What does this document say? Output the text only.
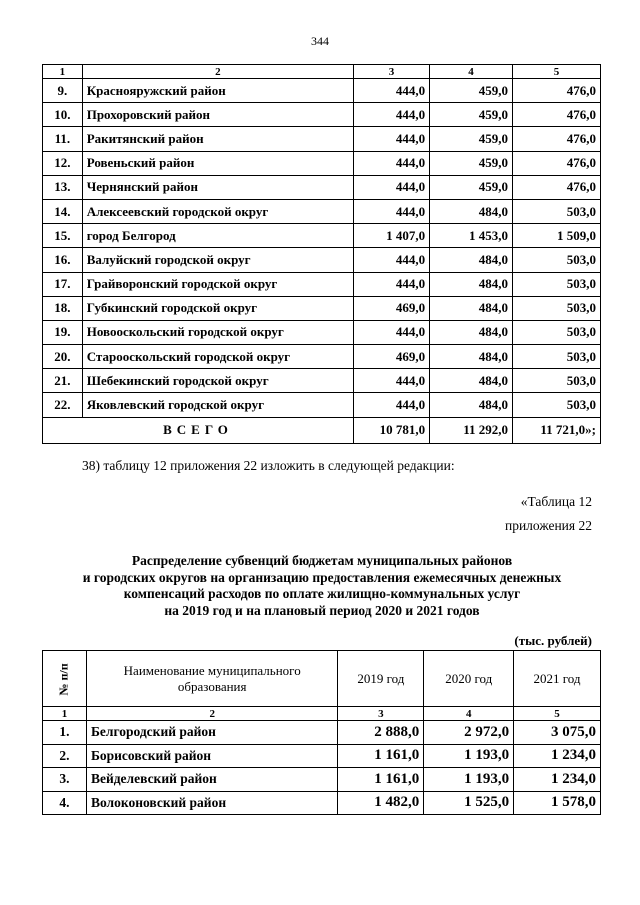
344
1	2	3	4	5
9.	Краснояружский район	444,0	459,0	476,0
10.	Прохоровский район	444,0	459,0	476,0
11.	Ракитянский район	444,0	459,0	476,0
12.	Ровеньский район	444,0	459,0	476,0
13.	Чернянский район	444,0	459,0	476,0
14.	Алексеевский городской округ	444,0	484,0	503,0
15.	город Белгород	1 407,0	1 453,0	1 509,0
16.	Валуйский городской округ	444,0	484,0	503,0
17.	Грайворонский городской округ	444,0	484,0	503,0
18.	Губкинский городской округ	469,0	484,0	503,0
19.	Новооскольский городской округ	444,0	484,0	503,0
20.	Старооскольский городской округ	469,0	484,0	503,0
21.	Шебекинский городской округ	444,0	484,0	503,0
22.	Яковлевский городской округ	444,0	484,0	503,0
ВСЕГО		10 781,0	11 292,0	11 721,0»;
38) таблицу 12 приложения 22 изложить в следующей редакции:
«Таблица 12
приложения 22
Распределение субвенций бюджетам муниципальных районов
и городских округов на организацию предоставления ежемесячных денежных
компенсаций расходов по оплате жилищно-коммунальных услуг
на 2019 год и на плановый период 2020 и 2021 годов
(тыс. рублей)
№ п/п	Наименование муниципального образования	2019 год	2020 год	2021 год
1	2	3	4	5
1.	Белгородский район	2 888,0	2 972,0	3 075,0
2.	Борисовский район	1 161,0	1 193,0	1 234,0
3.	Вейделевский район	1 161,0	1 193,0	1 234,0
4.	Волоконовский район	1 482,0	1 525,0	1 578,0
